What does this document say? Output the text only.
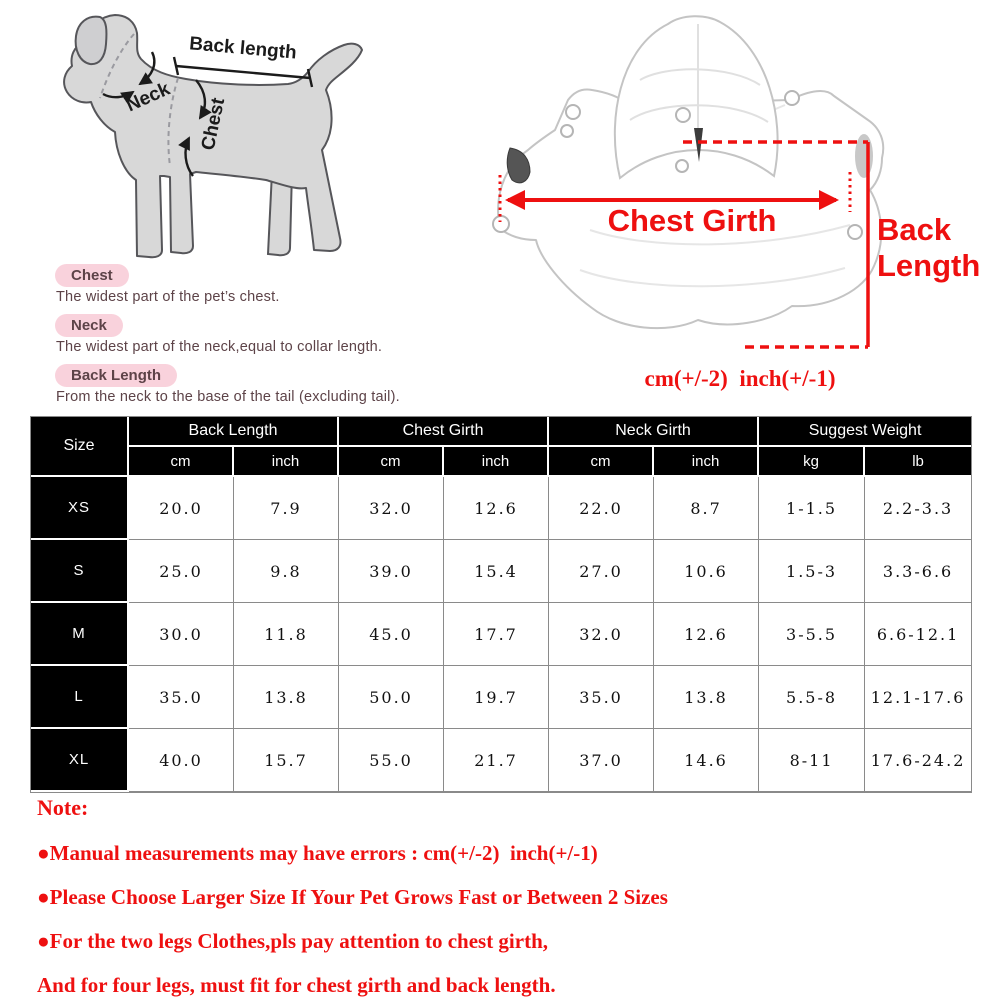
Back length
Neck Chest
Chest Girth	Back
Length
cm(+/-2)  inch(+/-1)
Chest
The widest part of the pet’s chest.
Neck
The widest part of the neck,equal to collar length.
Back Length
From the neck to the base of the tail (excluding tail).
Size	Back Length		Chest Girth		Neck Girth		Suggest Weight	
	cm	inch	cm	inch	cm	inch	kg	lb
XS	20.0	7.9	32.0	12.6	22.0	8.7	1-1.5	2.2-3.3
S	25.0	9.8	39.0	15.4	27.0	10.6	1.5-3	3.3-6.6
M	30.0	11.8	45.0	17.7	32.0	12.6	3-5.5	6.6-12.1
L	35.0	13.8	50.0	19.7	35.0	13.8	5.5-8	12.1-17.6
XL	40.0	15.7	55.0	21.7	37.0	14.6	8-11	17.6-24.2
Note:
●Manual measurements may have errors : cm(+/-2)  inch(+/-1)
●Please Choose Larger Size If Your Pet Grows Fast or Between 2 Sizes
●For the two legs Clothes,pls pay attention to chest girth,
And for four legs, must fit for chest girth and back length.
